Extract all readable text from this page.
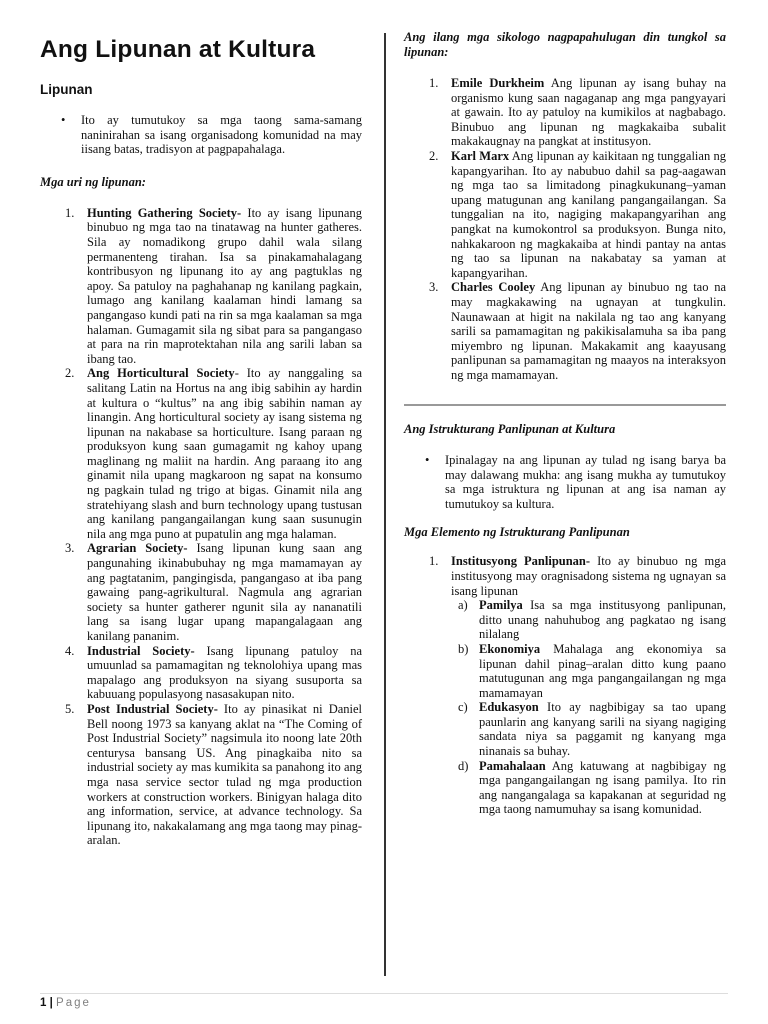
Ang Lipunan at Kultura
Lipunan
• Ito ay tumutukoy sa mga taong sama-samang naninirahan sa isang organisadong komunidad na may iisang batas, tradisyon at pagpapahalaga.
Mga uri ng lipunan:
1. Hunting Gathering Society- Ito ay isang lipunang binubuo ng mga tao na tinatawag na hunter gatheres. Sila ay nomadikong grupo dahil wala silang permanenteng tirahan. Isa sa pinakamahalagang kontribusyon ng lipunang ito ay ang pagtuklas ng apoy. Sa patuloy na paghahanap ng kanilang pagkain, lumago ang kanilang kaalaman hindi lamang sa pangangaso kundi pati na rin sa mga kaalaman sa mga halaman. Gumagamit sila ng sibat para sa pangangaso at para na rin maprotektahan nila ang sarili laban sa ibang tao.
2. Ang Horticultural Society- Ito ay nanggaling sa salitang Latin na Hortus na ang ibig sabihin ay hardin at kultura o “kultus” na ang ibig sabihin naman ay linangin. Ang horticultural society ay isang sistema ng lipunan na nakabase sa horticulture. Isang paraan ng produksyon kung saan gumagamit ng kahoy upang maglinang ng maliit na hardin. Ang paraang ito ang ginamit nila upang magkaroon ng sapat na konsumo ng pagkain tulad ng trigo at bigas. Ginamit nila ang stratehiyang slash and burn technology upang tustusan ang kanilang pangangailangan kung saan susunugin nila ang mga puno at pupatulin ang mga halaman.
3. Agrarian Society- Isang lipunan kung saan ang pangunahing ikinabubuhay ng mga mamamayan ay ang pagtatanim, pangingisda, pangangaso at iba pang gawaing pang-agrikultural. Nagmula ang agrarian society sa hunter gatherer ngunit sila ay nananatili lang sa isang lugar upang mapangalagaan ang kanilang pananim.
4. Industrial Society- Isang lipunang patuloy na umuunlad sa pamamagitan ng teknolohiya upang mas mapalago ang produksyon na siyang susuporta sa kabuuang populasyong nasasakupan nito.
5. Post Industrial Society- Ito ay pinasikat ni Daniel Bell noong 1973 sa kanyang aklat na “The Coming of Post Industrial Society” nagsimula ito noong late 20th centurysa bansang US. Ang pinagkaiba nito sa industrial society ay mas kumikita sa panahong ito ang mga nasa service sector tulad ng mga production workers at construction workers. Binigyan halaga dito ang information, service, at advance technology. Sa lipunang ito, nakakalamang ang mga taong may pinag-aralan.
Ang ilang mga sikologo nagpapahulugan din tungkol sa lipunan:
1. Emile Durkheim Ang lipunan ay isang buhay na organismo kung saan nagaganap ang mga pangyayari at gawain. Ito ay patuloy na kumikilos at nagbabago. Binubuo ang lipunan ng magkakaiba subalit makakaugnay na pangkat at institusyon.
2. Karl Marx Ang lipunan ay kaikitaan ng tunggalian ng kapangyarihan. Ito ay nabubuo dahil sa pag-aagawan ng mga tao sa limitadong pinagkukunang–yaman upang matugunan ang kanilang pangangailangan. Sa tunggalian na ito, nagiging makapangyarihan ang pangkat na kumokontrol sa produksyon. Bunga nito, nahkakaroon ng magkakaiba at hindi pantay na antas ng tao sa lipunan na nakabatay sa yaman at kapangyarihan.
3. Charles Cooley Ang lipunan ay binubuo ng tao na may magkakawing na ugnayan at tungkulin. Naunawaan at higit na nakilala ng tao ang kanyang sarili sa pamamagitan ng pakikisalamuha sa iba pang miyembro ng lipunan. Makakamit ang kaayusang panlipunan sa pamamagitan ng maayos na interaksyon ng mga mamamayan.
Ang Istrukturang Panlipunan at Kultura
• Ipinalagay na ang lipunan ay tulad ng isang barya ba may dalawang mukha: ang isang mukha ay tumutukoy sa mga istruktura ng lipunan at ang isa naman ay tumutukoy sa kultura.
Mga Elemento ng Istrukturang Panlipunan
1. Institusyong Panlipunan- Ito ay binubuo ng mga institusyong may oragnisadong sistema ng ugnayan sa isang lipunan
a) Pamilya Isa sa mga institusyong panlipunan, ditto unang nahuhubog ang pagkatao ng isang nilalang
b) Ekonomiya Mahalaga ang ekonomiya sa lipunan dahil pinag–aralan ditto kung paano matutugunan ang mga pangangailangan ng mga mamamayan
c) Edukasyon Ito ay nagbibigay sa tao upang paunlarin ang kanyang sarili na siyang nagiging sandata niya sa paggamit ng kanyang mga ninanais sa buhay.
d) Pamahalaan Ang katuwang at nagbibigay ng mga pangangailangan ng isang pamilya. Ito rin ang nangangalaga sa kapakanan at seguridad ng mga taong namumuhay sa isang komunidad.
1 | Page
